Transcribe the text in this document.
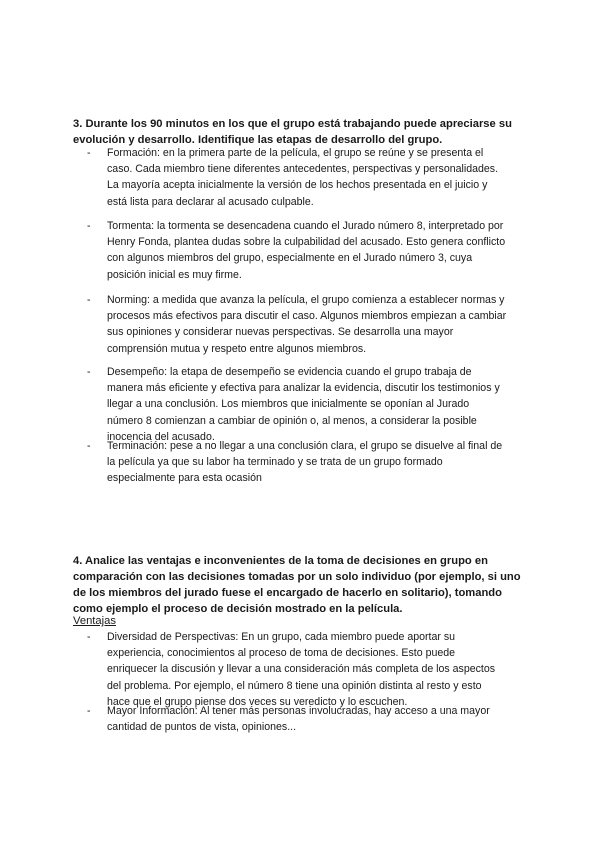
3. Durante los 90 minutos en los que el grupo está trabajando puede apreciarse su

evolución y desarrollo. Identifique las etapas de desarrollo del grupo.

- Formación: en la primera parte de la película, el grupo se reúne y se presenta el

caso. Cada miembro tiene diferentes antecedentes, perspectivas y personalidades.

La mayoría acepta inicialmente la versión de los hechos presentada en el juicio y

está lista para declarar al acusado culpable.

- Tormenta: la tormenta se desencadena cuando el Jurado número 8, interpretado por

Henry Fonda, plantea dudas sobre la culpabilidad del acusado. Esto genera conflicto

con algunos miembros del grupo, especialmente en el Jurado número 3, cuya

posición inicial es muy firme.

- Norming: a medida que avanza la película, el grupo comienza a establecer normas y

procesos más efectivos para discutir el caso. Algunos miembros empiezan a cambiar

sus opiniones y considerar nuevas perspectivas. Se desarrolla una mayor

comprensión mutua y respeto entre algunos miembros.

- Desempeño: la etapa de desempeño se evidencia cuando el grupo trabaja de

manera más eficiente y efectiva para analizar la evidencia, discutir los testimonios y

llegar a una conclusión. Los miembros que inicialmente se oponían al Jurado

número 8 comienzan a cambiar de opinión o, al menos, a considerar la posible

inocencia del acusado.

- Terminación: pese a no llegar a una conclusión clara, el grupo se disuelve al final de

la película ya que su labor ha terminado y se trata de un grupo formado

especialmente para esta ocasión

4. Analice las ventajas e inconvenientes de la toma de decisiones en grupo en

comparación con las decisiones tomadas por un solo individuo (por ejemplo, si uno

de los miembros del jurado fuese el encargado de hacerlo en solitario), tomando

como ejemplo el proceso de decisión mostrado en la película.

Ventajas
- Diversidad de Perspectivas: En un grupo, cada miembro puede aportar su

experiencia, conocimientos al proceso de toma de decisiones. Esto puede

enriquecer la discusión y llevar a una consideración más completa de los aspectos

del problema. Por ejemplo, el número 8 tiene una opinión distinta al resto y esto

hace que el grupo piense dos veces su veredicto y lo escuchen.

- Mayor Información: Al tener más personas involucradas, hay acceso a una mayor

cantidad de puntos de vista, opiniones...
